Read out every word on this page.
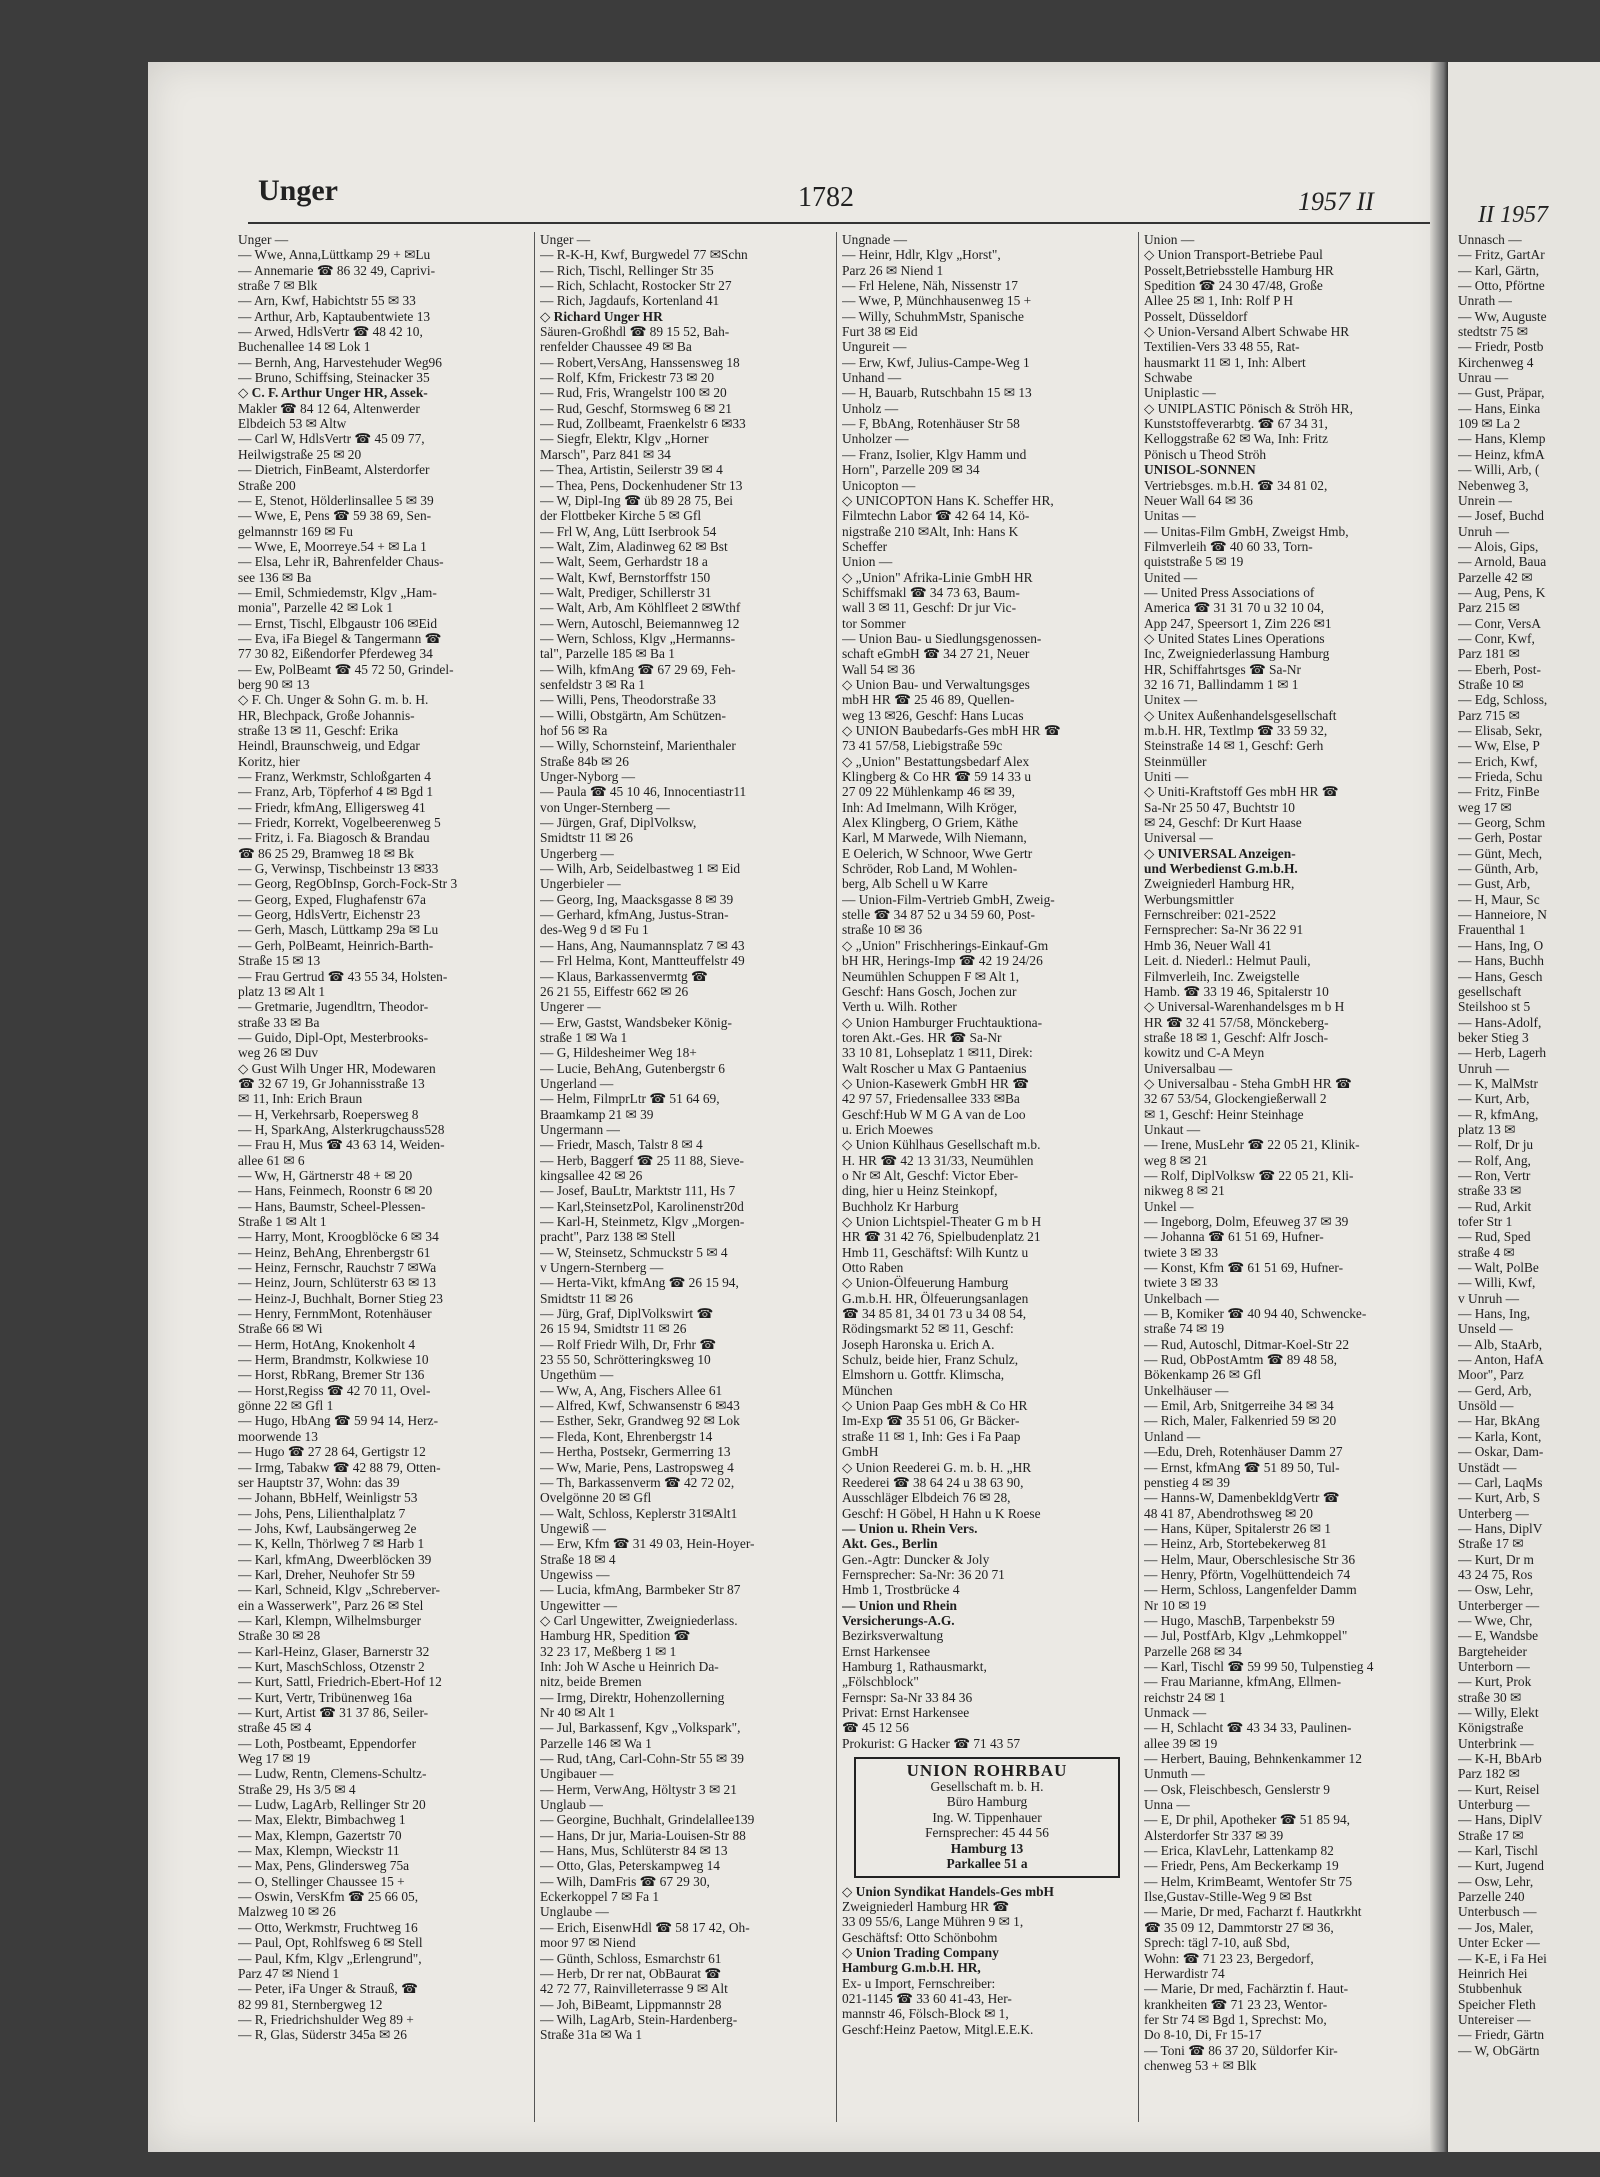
Unger	1782	1957 II
Unger —
— Wwe, Anna,Lüttkamp 29 + ✉Lu
— Annemarie ☎ 86 32 49, Caprivi-
straße 7 ✉ Blk
— Arn, Kwf, Habichtstr 55 ✉ 33
— Arthur, Arb, Kaptaubentwiete 13
— Arwed, HdlsVertr ☎ 48 42 10,
Buchenallee 14 ✉ Lok 1
— Bernh, Ang, Harvestehuder Weg96
— Bruno, Schiffsing, Steinacker 35
◇ C. F. Arthur Unger HR, Assek-
Makler ☎ 84 12 64, Altenwerder
Elbdeich 53 ✉ Altw
— Carl W, HdlsVertr ☎ 45 09 77,
Heilwigstraße 25 ✉ 20
— Dietrich, FinBeamt, Alsterdorfer
Straße 200
— E, Stenot, Hölderlinsallee 5 ✉ 39
— Wwe, E, Pens ☎ 59 38 69, Sen-
gelmannstr 169 ✉ Fu
— Wwe, E, Moorreye.54 + ✉ La 1
— Elsa, Lehr iR, Bahrenfelder Chaus-
see 136 ✉ Ba
— Emil, Schmiedemstr, Klgv „Ham-
monia", Parzelle 42 ✉ Lok 1
— Ernst, Tischl, Elbgaustr 106 ✉Eid
— Eva, iFa Biegel & Tangermann ☎
77 30 82, Eißendorfer Pferdeweg 34
— Ew, PolBeamt ☎ 45 72 50, Grindel-
berg 90 ✉ 13
◇ F. Ch. Unger & Sohn G. m. b. H.
HR, Blechpack, Große Johannis-
straße 13 ✉ 11, Geschf: Erika
Heindl, Braunschweig, und Edgar
Koritz, hier
— Franz, Werkmstr, Schloßgarten 4
— Franz, Arb, Töpferhof 4 ✉ Bgd 1
— Friedr, kfmAng, Elligersweg 41
— Friedr, Korrekt, Vogelbeerenweg 5
— Fritz, i. Fa. Biagosch & Brandau
☎ 86 25 29, Bramweg 18 ✉ Bk
— G, Verwinsp, Tischbeinstr 13 ✉33
— Georg, RegObInsp, Gorch-Fock-Str 3
— Georg, Exped, Flughafenstr 67a
— Georg, HdlsVertr, Eichenstr 23
— Gerh, Masch, Lüttkamp 29a ✉ Lu
— Gerh, PolBeamt, Heinrich-Barth-
Straße 15 ✉ 13
— Frau Gertrud ☎ 43 55 34, Holsten-
platz 13 ✉ Alt 1
— Gretmarie, Jugendltrn, Theodor-
straße 33 ✉ Ba
— Guido, Dipl-Opt, Mesterbrooks-
weg 26 ✉ Duv
◇ Gust Wilh Unger HR, Modewaren
☎ 32 67 19, Gr Johannisstraße 13
✉ 11, Inh: Erich Braun
— H, Verkehrsarb, Roepersweg 8
— H, SparkAng, Alsterkrugchauss528
— Frau H, Mus ☎ 43 63 14, Weiden-
allee 61 ✉ 6
— Ww, H, Gärtnerstr 48 + ✉ 20
— Hans, Feinmech, Roonstr 6 ✉ 20
— Hans, Baumstr, Scheel-Plessen-
Straße 1 ✉ Alt 1
— Harry, Mont, Kroogblöcke 6 ✉ 34
— Heinz, BehAng, Ehrenbergstr 61
— Heinz, Fernschr, Rauchstr 7 ✉Wa
— Heinz, Journ, Schlüterstr 63 ✉ 13
— Heinz-J, Buchhalt, Borner Stieg 23
— Henry, FernmMont, Rotenhäuser
Straße 66 ✉ Wi
— Herm, HotAng, Knokenholt 4
— Herm, Brandmstr, Kolkwiese 10
— Horst, RbRang, Bremer Str 136
— Horst,Regiss ☎ 42 70 11, Ovel-
gönne 22 ✉ Gfl 1
— Hugo, HbAng ☎ 59 94 14, Herz-
moorwende 13
— Hugo ☎ 27 28 64, Gertigstr 12
— Irmg, Tabakw ☎ 42 88 79, Otten-
ser Hauptstr 37, Wohn: das 39
— Johann, BbHelf, Weinligstr 53
— Johs, Pens, Lilienthalplatz 7
— Johs, Kwf, Laubsängerweg 2e
— K, Kelln, Thörlweg 7 ✉ Harb 1
— Karl, kfmAng, Dweerblöcken 39
— Karl, Dreher, Neuhofer Str 59
— Karl, Schneid, Klgv „Schreberver-
ein a Wasserwerk", Parz 26 ✉ Stel
— Karl, Klempn, Wilhelmsburger
Straße 30 ✉ 28
— Karl-Heinz, Glaser, Barnerstr 32
— Kurt, MaschSchloss, Otzenstr 2
— Kurt, Sattl, Friedrich-Ebert-Hof 12
— Kurt, Vertr, Tribünenweg 16a
— Kurt, Artist ☎ 31 37 86, Seiler-
straße 45 ✉ 4
— Loth, Postbeamt, Eppendorfer
Weg 17 ✉ 19
— Ludw, Rentn, Clemens-Schultz-
Straße 29, Hs 3/5 ✉ 4
— Ludw, LagArb, Rellinger Str 20
— Max, Elektr, Bimbachweg 1
— Max, Klempn, Gazertstr 70
— Max, Klempn, Wieckstr 11
— Max, Pens, Glindersweg 75a
— O, Stellinger Chaussee 15 +
— Oswin, VersKfm ☎ 25 66 05,
Malzweg 10 ✉ 26
— Otto, Werkmstr, Fruchtweg 16
— Paul, Opt, Rohlfsweg 6 ✉ Stell
— Paul, Kfm, Klgv „Erlengrund",
Parz 47 ✉ Niend 1
— Peter, iFa Unger & Strauß, ☎
82 99 81, Sternbergweg 12
— R, Friedrichshulder Weg 89 +
— R, Glas, Süderstr 345a ✉ 26
Unger —
— R-K-H, Kwf, Burgwedel 77 ✉Schn
— Rich, Tischl, Rellinger Str 35
— Rich, Schlacht, Rostocker Str 27
— Rich, Jagdaufs, Kortenland 41
◇ Richard Unger HR
Säuren-Großhdl ☎ 89 15 52, Bah-
renfelder Chaussee 49 ✉ Ba
— Robert,VersAng, Hanssensweg 18
— Rolf, Kfm, Frickestr 73 ✉ 20
— Rud, Fris, Wrangelstr 100 ✉ 20
— Rud, Geschf, Stormsweg 6 ✉ 21
— Rud, Zollbeamt, Fraenkelstr 6 ✉33
— Siegfr, Elektr, Klgv „Horner
Marsch", Parz 841 ✉ 34
— Thea, Artistin, Seilerstr 39 ✉ 4
— Thea, Pens, Dockenhudener Str 13
— W, Dipl-Ing ☎ üb 89 28 75, Bei
der Flottbeker Kirche 5 ✉ Gfl
— Frl W, Ang, Lütt Iserbrook 54
— Walt, Zim, Aladinweg 62 ✉ Bst
— Walt, Seem, Gerhardstr 18 a
— Walt, Kwf, Bernstorffstr 150
— Walt, Prediger, Schillerstr 31
— Walt, Arb, Am Köhlfleet 2 ✉Wthf
— Wern, Autoschl, Beiemannweg 12
— Wern, Schloss, Klgv „Hermanns-
tal", Parzelle 185 ✉ Ba 1
— Wilh, kfmAng ☎ 67 29 69, Feh-
senfeldstr 3 ✉ Ra 1
— Willi, Pens, Theodorstraße 33
— Willi, Obstgärtn, Am Schützen-
hof 56 ✉ Ra
— Willy, Schornsteinf, Marienthaler
Straße 84b ✉ 26
Unger-Nyborg —
— Paula ☎ 45 10 46, Innocentiastr11
von Unger-Sternberg —
— Jürgen, Graf, DiplVolksw,
Smidtstr 11 ✉ 26
Ungerberg —
— Wilh, Arb, Seidelbastweg 1 ✉ Eid
Ungerbieler —
— Georg, Ing, Maacksgasse 8 ✉ 39
— Gerhard, kfmAng, Justus-Stran-
des-Weg 9 d ✉ Fu 1
— Hans, Ang, Naumannsplatz 7 ✉ 43
— Frl Helma, Kont, Mantteuffelstr 49
— Klaus, Barkassenvermtg ☎
26 21 55, Eiffestr 662 ✉ 26
Ungerer —
— Erw, Gastst, Wandsbeker König-
straße 1 ✉ Wa 1
— G, Hildesheimer Weg 18+
— Lucie, BehAng, Gutenbergstr 6
Ungerland —
— Helm, FilmprLtr ☎ 51 64 69,
Braamkamp 21 ✉ 39
Ungermann —
— Friedr, Masch, Talstr 8 ✉ 4
— Herb, Baggerf ☎ 25 11 88, Sieve-
kingsallee 42 ✉ 26
— Josef, BauLtr, Marktstr 111, Hs 7
— Karl,SteinsetzPol, Karolinenstr20d
— Karl-H, Steinmetz, Klgv „Morgen-
pracht", Parz 138 ✉ Stell
— W, Steinsetz, Schmuckstr 5 ✉ 4
v Ungern-Sternberg —
— Herta-Vikt, kfmAng ☎ 26 15 94,
Smidtstr 11 ✉ 26
— Jürg, Graf, DiplVolkswirt ☎
26 15 94, Smidtstr 11 ✉ 26
— Rolf Friedr Wilh, Dr, Frhr ☎
23 55 50, Schrötteringksweg 10
Ungethüm —
— Ww, A, Ang, Fischers Allee 61
— Alfred, Kwf, Schwansenstr 6 ✉43
— Esther, Sekr, Grandweg 92 ✉ Lok
— Fleda, Kont, Ehrenbergstr 14
— Hertha, Postsekr, Germerring 13
— Ww, Marie, Pens, Lastropsweg 4
— Th, Barkassenverm ☎ 42 72 02,
Ovelgönne 20 ✉ Gfl
— Walt, Schloss, Keplerstr 31✉Alt1
Ungewiß —
— Erw, Kfm ☎ 31 49 03, Hein-Hoyer-
Straße 18 ✉ 4
Ungewiss —
— Lucia, kfmAng, Barmbeker Str 87
Ungewitter —
◇ Carl Ungewitter, Zweigniederlass.
Hamburg HR, Spedition ☎
32 23 17, Meßberg 1 ✉ 1
Inh: Joh W Asche u Heinrich Da-
nitz, beide Bremen
— Irmg, Direktr, Hohenzollerning
Nr 40 ✉ Alt 1
— Jul, Barkassenf, Kgv „Volkspark",
Parzelle 146 ✉ Wa 1
— Rud, tAng, Carl-Cohn-Str 55 ✉ 39
Ungibauer —
— Herm, VerwAng, Höltystr 3 ✉ 21
Unglaub —
— Georgine, Buchhalt, Grindelallee139
— Hans, Dr jur, Maria-Louisen-Str 88
— Hans, Mus, Schlüterstr 84 ✉ 13
— Otto, Glas, Peterskampweg 14
— Wilh, DamFris ☎ 67 29 30,
Eckerkoppel 7 ✉ Fa 1
Unglaube —
— Erich, EisenwHdl ☎ 58 17 42, Oh-
moor 97 ✉ Niend
— Günth, Schloss, Esmarchstr 61
— Herb, Dr rer nat, ObBaurat ☎
42 72 77, Rainvilleterrasse 9 ✉ Alt
— Joh, BiBeamt, Lippmannstr 28
— Wilh, LagArb, Stein-Hardenberg-
Straße 31a ✉ Wa 1
Ungnade —
— Heinr, Hdlr, Klgv „Horst",
Parz 26 ✉ Niend 1
— Frl Helene, Näh, Nissenstr 17
— Wwe, P, Münchhausenweg 15 +
— Willy, SchuhmMstr, Spanische
Furt 38 ✉ Eid
Ungureit —
— Erw, Kwf, Julius-Campe-Weg 1
Unhand —
— H, Bauarb, Rutschbahn 15 ✉ 13
Unholz —
— F, BbAng, Rotenhäuser Str 58
Unholzer —
— Franz, Isolier, Klgv Hamm und
Horn", Parzelle 209 ✉ 34
Unicopton —
◇ UNICOPTON Hans K. Scheffer HR,
Filmtechn Labor ☎ 42 64 14, Kö-
nigstraße 210 ✉Alt, Inh: Hans K
Scheffer
Union —
◇ „Union" Afrika-Linie GmbH HR
Schiffsmakl ☎ 34 73 63, Baum-
wall 3 ✉ 11, Geschf: Dr jur Vic-
tor Sommer
— Union Bau- u Siedlungsgenossen-
schaft eGmbH ☎ 34 27 21, Neuer
Wall 54 ✉ 36
◇ Union Bau- und Verwaltungsges
mbH HR ☎ 25 46 89, Quellen-
weg 13 ✉26, Geschf: Hans Lucas
◇ UNION Baubedarfs-Ges mbH HR ☎
73 41 57/58, Liebigstraße 59c
◇ „Union" Bestattungsbedarf Alex
Klingberg & Co HR ☎ 59 14 33 u
27 09 22 Mühlenkamp 46 ✉ 39,
Inh: Ad Imelmann, Wilh Kröger,
Alex Klingberg, O Griem, Käthe
Karl, M Marwede, Wilh Niemann,
E Oelerich, W Schnoor, Wwe Gertr
Schröder, Rob Land, M Wohlen-
berg, Alb Schell u W Karre
— Union-Film-Vertrieb GmbH, Zweig-
stelle ☎ 34 87 52 u 34 59 60, Post-
straße 10 ✉ 36
◇ „Union" Frischherings-Einkauf-Gm
bH HR, Herings-Imp ☎ 42 19 24/26
Neumühlen Schuppen F ✉ Alt 1,
Geschf: Hans Gosch, Jochen zur
Verth u. Wilh. Rother
◇ Union Hamburger Fruchtauktiona-
toren Akt.-Ges. HR ☎ Sa-Nr
33 10 81, Lohseplatz 1 ✉11, Direk:
Walt Roscher u Max G Pantaenius
◇ Union-Kasewerk GmbH HR ☎
42 97 57, Friedensallee 333 ✉Ba
Geschf:Hub W M G A van de Loo
u. Erich Moewes
◇ Union Kühlhaus Gesellschaft m.b.
H. HR ☎ 42 13 31/33, Neumühlen
o Nr ✉ Alt, Geschf: Victor Eber-
ding, hier u Heinz Steinkopf,
Buchholz Kr Harburg
◇ Union Lichtspiel-Theater G m b H
HR ☎ 31 42 76, Spielbudenplatz 21
Hmb 11, Geschäftsf: Wilh Kuntz u
Otto Raben
◇ Union-Ölfeuerung Hamburg
G.m.b.H. HR, Ölfeuerungsanlagen
☎ 34 85 81, 34 01 73 u 34 08 54,
Rödingsmarkt 52 ✉ 11, Geschf:
Joseph Haronska u. Erich A.
Schulz, beide hier, Franz Schulz,
Elmshorn u. Gottfr. Klimscha,
München
◇ Union Paap Ges mbH & Co HR
Im-Exp ☎ 35 51 06, Gr Bäcker-
straße 11 ✉ 1, Inh: Ges i Fa Paap
GmbH
◇ Union Reederei G. m. b. H. „HR
Reederei ☎ 38 64 24 u 38 63 90,
Ausschläger Elbdeich 76 ✉ 28,
Geschf: H Göbel, H Hahn u K Roese
— Union u. Rhein Vers.
Akt. Ges., Berlin
Gen.-Agtr: Duncker & Joly
Fernsprecher: Sa-Nr: 36 20 71
Hmb 1, Trostbrücke 4
— Union und Rhein
Versicherungs-A.G.
Bezirksverwaltung
Ernst Harkensee
Hamburg 1, Rathausmarkt,
„Fölschblock"
Fernspr: Sa-Nr 33 84 36
Privat: Ernst Harkensee
☎ 45 12 56
Prokurist: G Hacker ☎ 71 43 57
UNION ROHRBAU
Gesellschaft m. b. H.
Büro Hamburg
Ing. W. Tippenhauer
Fernsprecher: 45 44 56
Hamburg 13
Parkallee 51 a
◇ Union Syndikat Handels-Ges mbH
Zweigniederl Hamburg HR ☎
33 09 55/6, Lange Mühren 9 ✉ 1,
Geschäftsf: Otto Schönbohm
◇ Union Trading Company
Hamburg G.m.b.H. HR,
Ex- u Import, Fernschreiber:
021-1145 ☎ 33 60 41-43, Her-
mannstr 46, Fölsch-Block ✉ 1,
Geschf:Heinz Paetow, Mitgl.E.E.K.
Union —
◇ Union Transport-Betriebe Paul
Posselt,Betriebsstelle Hamburg HR
Spedition ☎ 24 30 47/48, Große
Allee 25 ✉ 1, Inh: Rolf P H
Posselt, Düsseldorf
◇ Union-Versand Albert Schwabe HR
Textilien-Vers 33 48 55, Rat-
hausmarkt 11 ✉ 1, Inh: Albert
Schwabe
Uniplastic —
◇ UNIPLASTIC Pönisch & Ströh HR,
Kunststoffeverarbtg. ☎ 67 34 31,
Kelloggstraße 62 ✉ Wa, Inh: Fritz
Pönisch u Theod Ströh
UNISOL-SONNEN
Vertriebsges. m.b.H. ☎ 34 81 02,
Neuer Wall 64 ✉ 36
Unitas —
— Unitas-Film GmbH, Zweigst Hmb,
Filmverleih ☎ 40 60 33, Torn-
quiststraße 5 ✉ 19
United —
— United Press Associations of
America ☎ 31 31 70 u 32 10 04,
App 247, Speersort 1, Zim 226 ✉1
◇ United States Lines Operations
Inc, Zweigniederlassung Hamburg
HR, Schiffahrtsges ☎ Sa-Nr
32 16 71, Ballindamm 1 ✉ 1
Unitex —
◇ Unitex Außenhandelsgesellschaft
m.b.H. HR, Textlmp ☎ 33 59 32,
Steinstraße 14 ✉ 1, Geschf: Gerh
Steinmüller
Uniti —
◇ Uniti-Kraftstoff Ges mbH HR ☎
Sa-Nr 25 50 47, Buchtstr 10
✉ 24, Geschf: Dr Kurt Haase
Universal —
◇ UNIVERSAL Anzeigen-
und Werbedienst G.m.b.H.
Zweigniederl Hamburg HR,
Werbungsmittler
Fernschreiber: 021-2522
Fernsprecher: Sa-Nr 36 22 91
Hmb 36, Neuer Wall 41
Leit. d. Niederl.: Helmut Pauli,
Filmverleih, Inc. Zweigstelle
Hamb. ☎ 33 19 46, Spitalerstr 10
◇ Universal-Warenhandelsges m b H
HR ☎ 32 41 57/58, Mönckeberg-
straße 18 ✉ 1, Geschf: Alfr Josch-
kowitz und C-A Meyn
Universalbau —
◇ Universalbau - Steha GmbH HR ☎
32 67 53/54, Glockengießerwall 2
✉ 1, Geschf: Heinr Steinhage
Unkaut —
— Irene, MusLehr ☎ 22 05 21, Klinik-
weg 8 ✉ 21
— Rolf, DiplVolksw ☎ 22 05 21, Kli-
nikweg 8 ✉ 21
Unkel —
— Ingeborg, Dolm, Efeuweg 37 ✉ 39
— Johanna ☎ 61 51 69, Hufner-
twiete 3 ✉ 33
— Konst, Kfm ☎ 61 51 69, Hufner-
twiete 3 ✉ 33
Unkelbach —
— B, Komiker ☎ 40 94 40, Schwencke-
straße 74 ✉ 19
— Rud, Autoschl, Ditmar-Koel-Str 22
— Rud, ObPostAmtm ☎ 89 48 58,
Bökenkamp 26 ✉ Gfl
Unkelhäuser —
— Emil, Arb, Snitgerreihe 34 ✉ 34
— Rich, Maler, Falkenried 59 ✉ 20
Unland —
—Edu, Dreh, Rotenhäuser Damm 27
— Ernst, kfmAng ☎ 51 89 50, Tul-
penstieg 4 ✉ 39
— Hanns-W, DamenbekldgVertr ☎
48 41 87, Abendrothsweg ✉ 20
— Hans, Küper, Spitalerstr 26 ✉ 1
— Heinz, Arb, Stortebekerweg 81
— Helm, Maur, Oberschlesische Str 36
— Henry, Pförtn, Vogelhüttendeich 74
— Herm, Schloss, Langenfelder Damm
Nr 10 ✉ 19
— Hugo, MaschB, Tarpenbekstr 59
— Jul, PostfArb, Klgv „Lehmkoppel"
Parzelle 268 ✉ 34
— Karl, Tischl ☎ 59 99 50, Tulpenstieg 4
— Frau Marianne, kfmAng, Ellmen-
reichstr 24 ✉ 1
Unmack —
— H, Schlacht ☎ 43 34 33, Paulinen-
allee 39 ✉ 19
— Herbert, Bauing, Behnkenkammer 12
Unmuth —
— Osk, Fleischbesch, Genslerstr 9
Unna —
— E, Dr phil, Apotheker ☎ 51 85 94,
Alsterdorfer Str 337 ✉ 39
— Erica, KlavLehr, Lattenkamp 82
— Friedr, Pens, Am Beckerkamp 19
— Helm, KrimBeamt, Wentofer Str 75
Ilse,Gustav-Stille-Weg 9 ✉ Bst
— Marie, Dr med, Facharzt f. Hautkrkht
☎ 35 09 12, Dammtorstr 27 ✉ 36,
Sprech: tägl 7-10, auß Sbd,
Wohn: ☎ 71 23 23, Bergedorf,
Herwardistr 74
— Marie, Dr med, Fachärztin f. Haut-
krankheiten ☎ 71 23 23, Wentor-
fer Str 74 ✉ Bgd 1, Sprechst: Mo,
Do 8-10, Di, Fr 15-17
— Toni ☎ 86 37 20, Süldorfer Kir-
chenweg 53 + ✉ Blk
II 1957
Unnasch —
— Fritz, GartAr
— Karl, Gärtn,
— Otto, Pförtne
Unrath —
— Ww, Auguste
stedtstr 75 ✉
— Friedr, Postb
Kirchenweg 4
Unrau —
— Gust, Präpar,
— Hans, Einka
109 ✉ La 2
— Hans, Klemp
— Heinz, kfmA
— Willi, Arb, (
Nebenweg 3,
Unrein —
— Josef, Buchd
Unruh —
— Alois, Gips,
— Arnold, Baua
Parzelle 42 ✉
— Aug, Pens, K
Parz 215 ✉
— Conr, VersA
— Conr, Kwf,
Parz 181 ✉
— Eberh, Post-
Straße 10 ✉
— Edg, Schloss,
Parz 715 ✉
— Elisab, Sekr,
— Ww, Else, P
— Erich, Kwf,
— Frieda, Schu
— Fritz, FinBe
weg 17 ✉
— Georg, Schm
— Gerh, Postar
— Günt, Mech,
— Günth, Arb,
— Gust, Arb,
— H, Maur, Sc
— Hanneiore, N
Frauenthal 1
— Hans, Ing, O
— Hans, Buchh
— Hans, Gesch
gesellschaft
Steilshoo st 5
— Hans-Adolf,
beker Stieg 3
— Herb, Lagerh
Unruh —
— K, MalMstr
— Kurt, Arb,
— R, kfmAng,
platz 13 ✉
— Rolf, Dr ju
— Rolf, Ang,
— Ron, Vertr
straße 33 ✉
— Rud, Arkit
tofer Str 1
— Rud, Sped
straße 4 ✉
— Walt, PolBe
— Willi, Kwf,
v Unruh —
— Hans, Ing,
Unseld —
— Alb, StaArb,
— Anton, HafA
Moor", Parz
— Gerd, Arb,
Unsöld —
— Har, BkAng
— Karla, Kont,
— Oskar, Dam-
Unstädt —
— Carl, LaqMs
— Kurt, Arb, S
Unterberg —
— Hans, DiplV
Straße 17 ✉
— Kurt, Dr m
43 24 75, Ros
— Osw, Lehr,
Unterberger —
— Wwe, Chr,
— E, Wandsbe
Bargteheider
Unterborn —
— Kurt, Prok
straße 30 ✉
— Willy, Elekt
Königstraße
Unterbrink —
— K-H, BbArb
Parz 182 ✉
— Kurt, Reisel
Unterburg —
— Hans, DiplV
Straße 17 ✉
— Karl, Tischl
— Kurt, Jugend
— Osw, Lehr,
Parzelle 240
Unterbusch —
— Jos, Maler,
Unter Ecker —
— K-E, i Fa Hei
Heinrich Hei
Stubbenhuk
Speicher Fleth
Untereiser —
— Friedr, Gärtn
— W, ObGärtn
